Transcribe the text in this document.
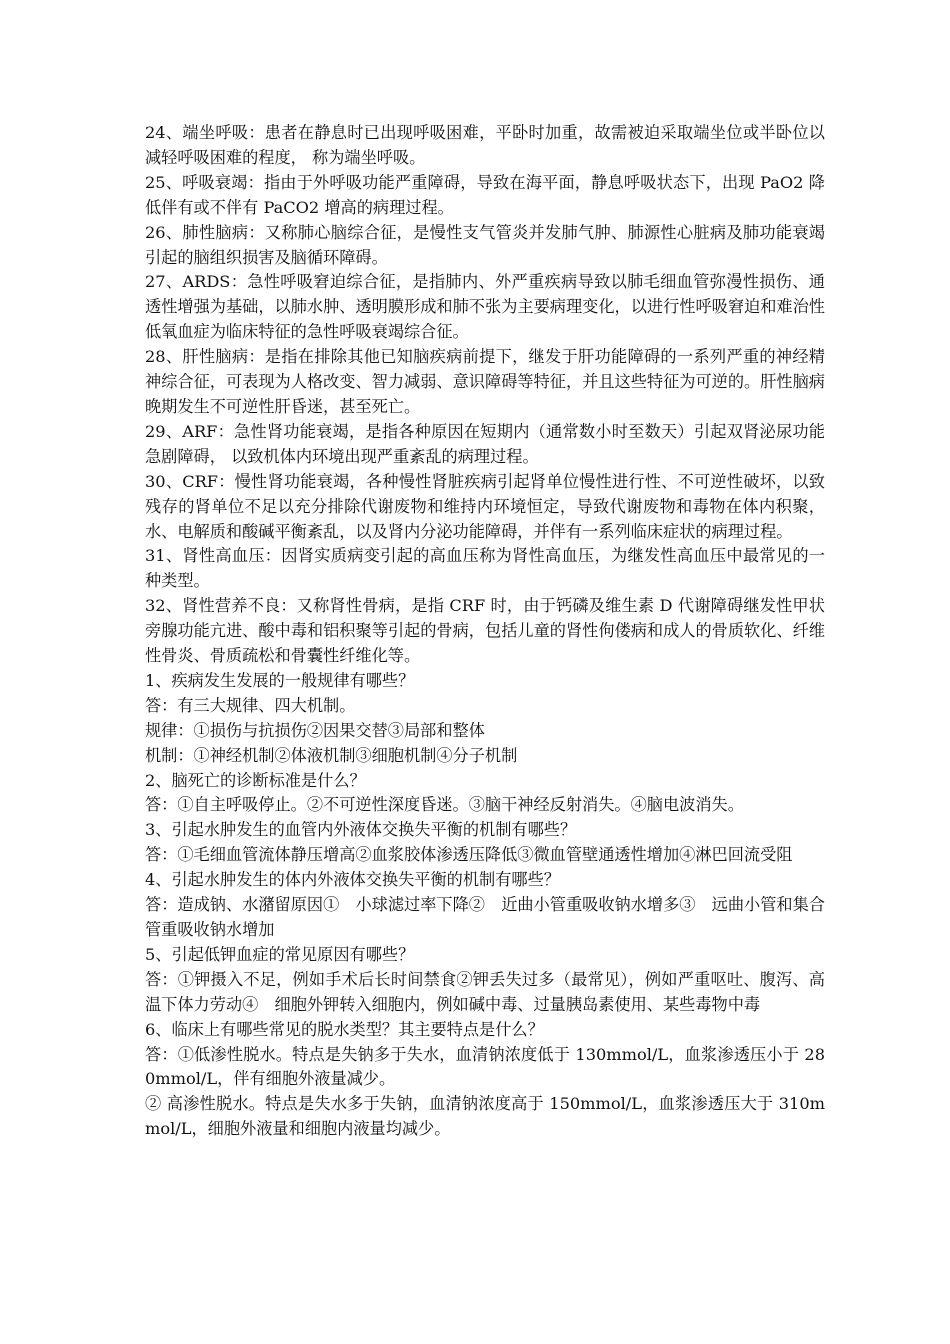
24、端坐呼吸：患者在静息时已出现呼吸困难，平卧时加重，故需被迫采取端坐位或半卧位以减轻呼吸困难的程度， 称为端坐呼吸。

25、呼吸衰竭：指由于外呼吸功能严重障碍，导致在海平面，静息呼吸状态下，出现 PaO2 降低伴有或不伴有 PaCO2 增高的病理过程。

26、肺性脑病：又称肺心脑综合征，是慢性支气管炎并发肺气肿、肺源性心脏病及肺功能衰竭引起的脑组织损害及脑循环障碍。

27、ARDS：急性呼吸窘迫综合征，是指肺内、外严重疾病导致以肺毛细血管弥漫性损伤、通透性增强为基础，以肺水肿、透明膜形成和肺不张为主要病理变化，以进行性呼吸窘迫和难治性低氧血症为临床特征的急性呼吸衰竭综合征。

28、肝性脑病：是指在排除其他已知脑疾病前提下，继发于肝功能障碍的一系列严重的神经精神综合征，可表现为人格改变、智力减弱、意识障碍等特征，并且这些特征为可逆的。肝性脑病晚期发生不可逆性肝昏迷，甚至死亡。

29、ARF：急性肾功能衰竭，是指各种原因在短期内（通常数小时至数天）引起双肾泌尿功能急剧障碍， 以致机体内环境出现严重紊乱的病理过程。

30、CRF：慢性肾功能衰竭，各种慢性肾脏疾病引起肾单位慢性进行性、不可逆性破坏，以致残存的肾单位不足以充分排除代谢废物和维持内环境恒定，导致代谢废物和毒物在体内积聚，水、电解质和酸碱平衡紊乱，以及肾内分泌功能障碍，并伴有一系列临床症状的病理过程。

31、肾性高血压：因肾实质病变引起的高血压称为肾性高血压，为继发性高血压中最常见的一种类型。

32、肾性营养不良：又称肾性骨病，是指 CRF 时，由于钙磷及维生素 D 代谢障碍继发性甲状旁腺功能亢进、酸中毒和铝积聚等引起的骨病，包括儿童的肾性佝偻病和成人的骨质软化、纤维性骨炎、骨质疏松和骨囊性纤维化等。

1、疾病发生发展的一般规律有哪些？

答：有三大规律、四大机制。

规律：①损伤与抗损伤②因果交替③局部和整体

机制：①神经机制②体液机制③细胞机制④分子机制

2、脑死亡的诊断标准是什么？

答：①自主呼吸停止。②不可逆性深度昏迷。③脑干神经反射消失。④脑电波消失。

3、引起水肿发生的血管内外液体交换失平衡的机制有哪些？

答：①毛细血管流体静压增高②血浆胶体渗透压降低③微血管壁通透性增加④淋巴回流受阻

4、引起水肿发生的体内外液体交换失平衡的机制有哪些？

答：造成钠、水潴留原因①　小球滤过率下降②　近曲小管重吸收钠水增多③　远曲小管和集合管重吸收钠水增加

5、引起低钾血症的常见原因有哪些？

答：①钾摄入不足，例如手术后长时间禁食②钾丢失过多（最常见），例如严重呕吐、腹泻、高温下体力劳动④　细胞外钾转入细胞内，例如碱中毒、过量胰岛素使用、某些毒物中毒

6、临床上有哪些常见的脱水类型？其主要特点是什么？

答：①低渗性脱水。特点是失钠多于失水，血清钠浓度低于 130mmol/L，血浆渗透压小于 280mmol/L，伴有细胞外液量减少。

② 高渗性脱水。特点是失水多于失钠，血清钠浓度高于 150mmol/L，血浆渗透压大于 310mmol/L，细胞外液量和细胞内液量均减少。
